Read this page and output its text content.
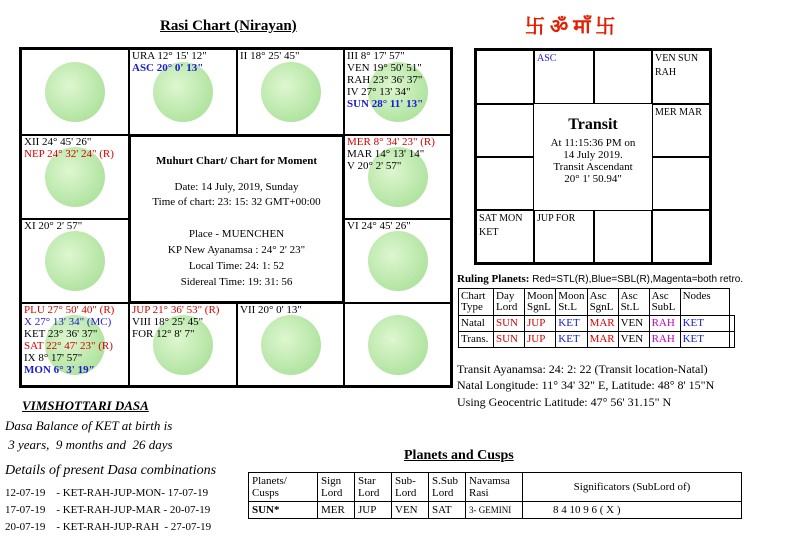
Rasi Chart (Nirayan)	卐 ॐ माँ 卐
URA 12° 15' 12"
ASC 20° 0' 13"
II 18° 25' 45"	III 8° 17' 57"
VEN 19° 50' 51"
RAH 23° 36' 37"
IV 27° 13' 34"
SUN 28° 11' 13"
XII 24° 45' 26"
NEP 24° 32' 24" (R)
MER 8° 34' 23" (R)
MAR 14° 13' 14"
V 20° 2' 57"
XI 20° 2' 57"	VI 24° 45' 26"
PLU 27° 50' 40" (R)
X 27° 13' 34" (MC)
KET 23° 36' 37"
SAT 22° 47' 23" (R)
IX 8° 17' 57"
MON 6° 3' 19"
JUP 21° 36' 53" (R)
VIII 18° 25' 45"
FOR 12° 8' 7"
VII 20° 0' 13"
Muhurt Chart/ Chart for Moment
Date: 14 July, 2019, Sunday
Time of chart: 23: 15: 32 GMT+00:00
Place - MUENCHEN
KP New Ayanamsa : 24° 2' 23"
Local Time: 24: 1: 52
Sidereal Time: 19: 31: 56
ASC	VEN SUN
RAH
MER MAR
SAT MON
KET
JUP FOR
Transit
At 11:15:36 PM on
14 July 2019.
Transit Ascendant
20° 1' 50.94"
Ruling Planets: Red=STL(R),Blue=SBL(R),Magenta=both retro.
Chart Type	Day Lord	Moon SgnL	Moon St.L	Asc SgnL	Asc St.L	Asc SubL	Nodes	
Natal	SUN	JUP	KET	MAR	VEN	RAH	KET	
Trans.	SUN	JUP	KET	MAR	VEN	RAH	KET	
Transit Ayanamsa: 24: 2: 22 (Transit location-Natal)
Natal Longitude: 11° 34' 32" E, Latitude: 48° 8' 15"N
Using Geocentric Latitude: 47° 56' 31.15" N
VIMSHOTTARI DASA
Dasa Balance of KET at birth is
3 years,  9 months and  26 days
Details of present Dasa combinations
12-07-19    - KET-RAH-JUP-MON- 17-07-19
17-07-19    - KET-RAH-JUP-MAR - 20-07-19
20-07-19    - KET-RAH-JUP-RAH  - 27-07-19
Planets and Cusps
Planets/ Cusps	Sign Lord	Star Lord	Sub- Lord	S.Sub Lord	Navamsa Rasi	Significators (SubLord of)
SUN*	MER	JUP	VEN	SAT	3- GEMINI	8 4 10 9 6 ( X )
